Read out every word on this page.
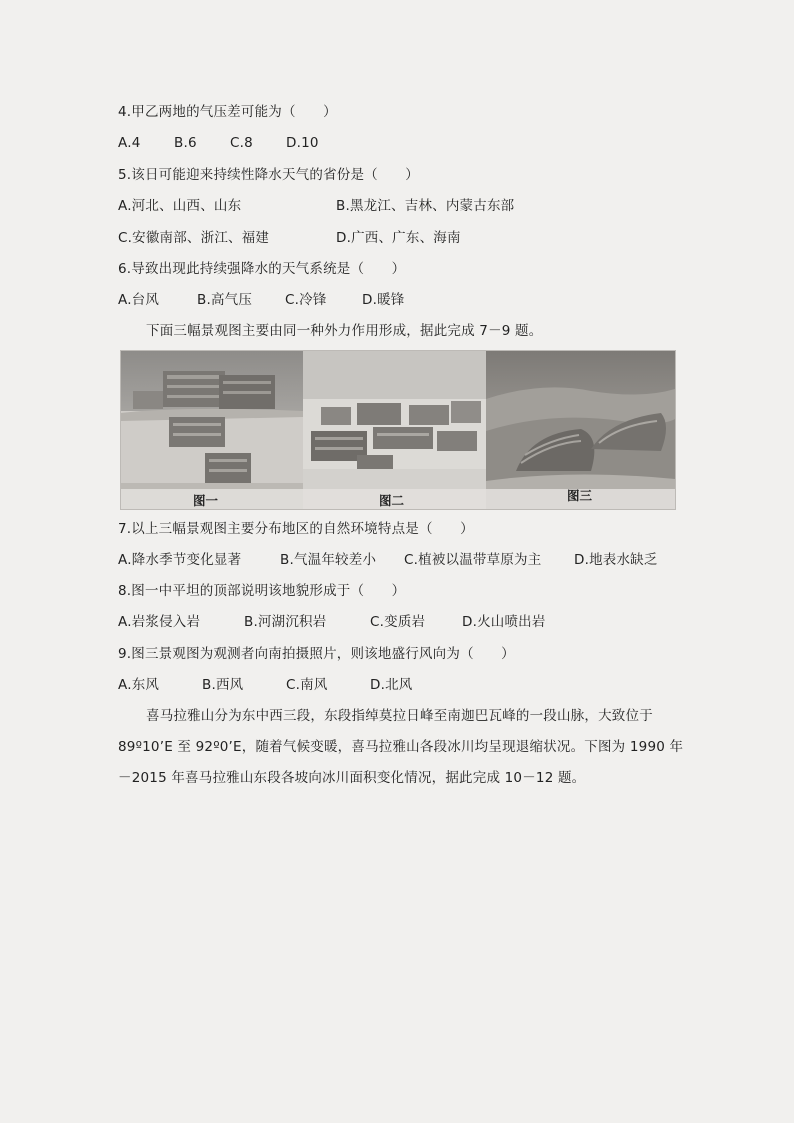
4.甲乙两地的气压差可能为（　　）
A.4 B.6 C.8 D.10
5.该日可能迎来持续性降水天气的省份是（　　）
A.河北、山西、山东	B.黑龙江、吉林、内蒙古东部
C.安徽南部、浙江、福建	D.广西、广东、海南
6.导致出现此持续强降水的天气系统是（　　）
A.台风	B.高气压 C.冷锋	D.暖锋
下面三幅景观图主要由同一种外力作用形成，据此完成 7－9 题。
图一	图二	图三
7.以上三幅景观图主要分布地区的自然环境特点是（　　）
A.降水季节变化显著	B.气温年较差小 C.植被以温带草原为主 D.地表水缺乏
8.图一中平坦的顶部说明该地貌形成于（　　）
A.岩浆侵入岩	B.河湖沉积岩	C.变质岩	D.火山喷出岩
9.图三景观图为观测者向南拍摄照片，则该地盛行风向为（　　）
A.东风	B.西风	C.南风	D.北风
喜马拉雅山分为东中西三段，东段指绰莫拉日峰至南迦巴瓦峰的一段山脉，大致位于
89º10’E 至 92º0’E，随着气候变暖，喜马拉雅山各段冰川均呈现退缩状况。下图为 1990 年
－2015 年喜马拉雅山东段各坡向冰川面积变化情况，据此完成 10－12 题。
